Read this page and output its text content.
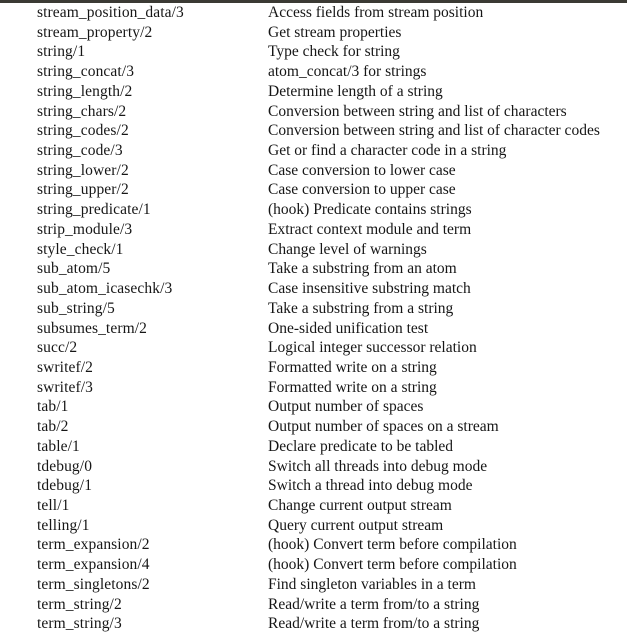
stream_position_data/3	Access fields from stream position
stream_property/2	Get stream properties
string/1	Type check for string
string_concat/3	atom_concat/3 for strings
string_length/2	Determine length of a string
string_chars/2	Conversion between string and list of characters
string_codes/2	Conversion between string and list of character codes
string_code/3	Get or find a character code in a string
string_lower/2	Case conversion to lower case
string_upper/2	Case conversion to upper case
string_predicate/1	(hook) Predicate contains strings
strip_module/3	Extract context module and term
style_check/1	Change level of warnings
sub_atom/5	Take a substring from an atom
sub_atom_icasechk/3	Case insensitive substring match
sub_string/5	Take a substring from a string
subsumes_term/2	One-sided unification test
succ/2	Logical integer successor relation
swritef/2	Formatted write on a string
swritef/3	Formatted write on a string
tab/1	Output number of spaces
tab/2	Output number of spaces on a stream
table/1	Declare predicate to be tabled
tdebug/0	Switch all threads into debug mode
tdebug/1	Switch a thread into debug mode
tell/1	Change current output stream
telling/1	Query current output stream
term_expansion/2	(hook) Convert term before compilation
term_expansion/4	(hook) Convert term before compilation
term_singletons/2	Find singleton variables in a term
term_string/2	Read/write a term from/to a string
term_string/3	Read/write a term from/to a string
